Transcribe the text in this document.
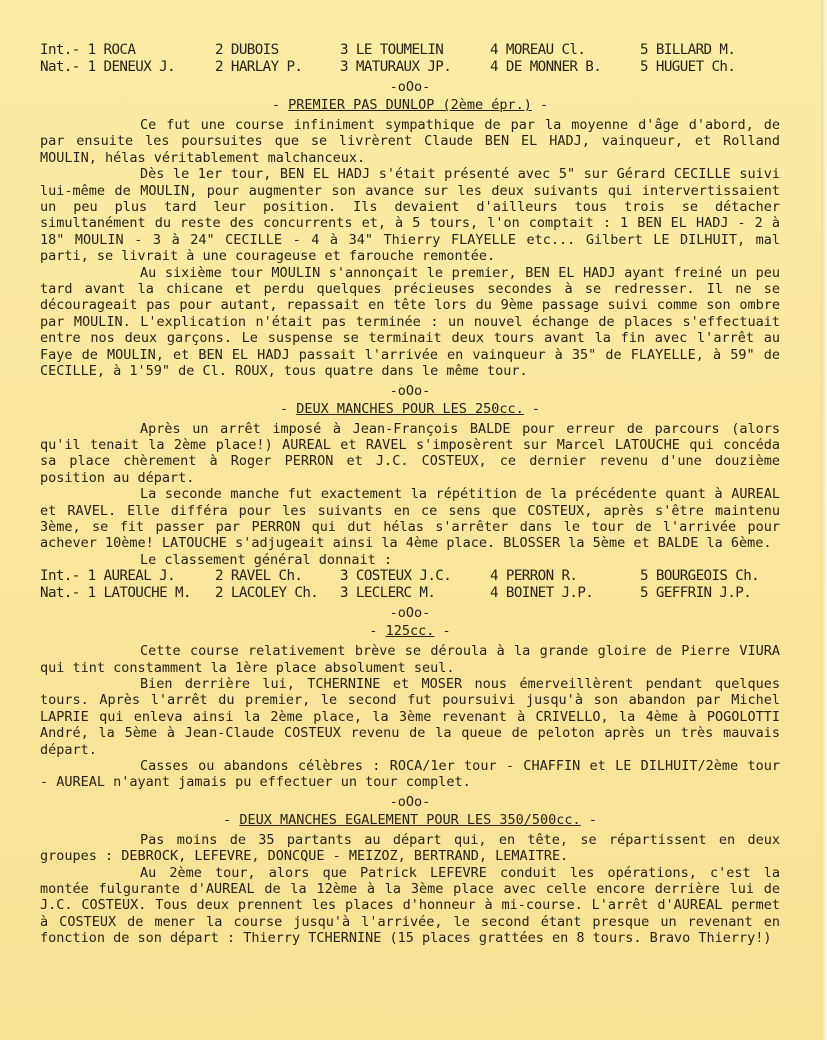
Int.- 1 ROCA	2 DUBOIS	3 LE TOUMELIN	4 MOREAU Cl.	5 BILLARD M.
Nat.- 1 DENEUX J.	2 HARLAY P.	3 MATURAUX JP.	4 DE MONNER B.	5 HUGUET Ch.
-oOo-
- PREMIER PAS DUNLOP (2ème épr.) -

Ce fut une course infiniment sympathique de par la moyenne d'âge d'abord, de par ensuite les poursuites que se livrèrent Claude BEN EL HADJ, vainqueur, et Rolland MOULIN, hélas véritablement malchanceux.

Dès le 1er tour, BEN EL HADJ s'était présenté avec 5" sur Gérard CECILLE suivi lui-même de MOULIN, pour augmenter son avance sur les deux suivants qui intervertissaient un peu plus tard leur position. Ils devaient d'ailleurs tous trois se détacher simultanément du reste des concurrents et, à 5 tours, l'on comptait : 1 BEN EL HADJ - 2 à 18" MOULIN - 3 à 24" CECILLE - 4 à 34" Thierry FLAYELLE etc... Gilbert LE DILHUIT, mal parti, se livrait à une courageuse et farouche remontée.

Au sixième tour MOULIN s'annonçait le premier, BEN EL HADJ ayant freiné un peu tard avant la chicane et perdu quelques précieuses secondes à se redresser. Il ne se décourageait pas pour autant, repassait en tête lors du 9ème passage suivi comme son ombre par MOULIN. L'explication n'était pas terminée : un nouvel échange de places s'effectuait entre nos deux garçons. Le suspense se terminait deux tours avant la fin avec l'arrêt au Faye de MOULIN, et BEN EL HADJ passait l'arrivée en vainqueur à 35" de FLAYELLE, à 59" de CECILLE, à 1'59" de Cl. ROUX, tous quatre dans le même tour.

-oOo-
- DEUX MANCHES POUR LES 250cc. -

Après un arrêt imposé à Jean-François BALDE pour erreur de parcours (alors qu'il tenait la 2ème place!) AUREAL et RAVEL s'imposèrent sur Marcel LATOUCHE qui concéda sa place chèrement à Roger PERRON et J.C. COSTEUX, ce dernier revenu d'une douzième position au départ.

La seconde manche fut exactement la répétition de la précédente quant à AUREAL et RAVEL. Elle différa pour les suivants en ce sens que COSTEUX, après s'être maintenu 3ème, se fit passer par PERRON qui dut hélas s'arrêter dans le tour de l'arrivée pour achever 10ème! LATOUCHE s'adjugeait ainsi la 4ème place. BLOSSER la 5ème et BALDE la 6ème.

Le classement général donnait :

Int.- 1 AUREAL J.	2 RAVEL Ch.	3 COSTEUX J.C.	4 PERRON R.	5 BOURGEOIS Ch.
Nat.- 1 LATOUCHE M.	2 LACOLEY Ch.	3 LECLERC M.	4 BOINET J.P.	5 GEFFRIN J.P.
-oOo-
- 125cc. -

Cette course relativement brève se déroula à la grande gloire de Pierre VIURA qui tint constamment la 1ère place absolument seul.

Bien derrière lui, TCHERNINE et MOSER nous émerveillèrent pendant quelques tours. Après l'arrêt du premier, le second fut poursuivi jusqu'à son abandon par Michel LAPRIE qui enleva ainsi la 2ème place, la 3ème revenant à CRIVELLO, la 4ème à POGOLOTTI André, la 5ème à Jean-Claude COSTEUX revenu de la queue de peloton après un très mauvais départ.

Casses ou abandons célèbres : ROCA/1er tour - CHAFFIN et LE DILHUIT/2ème tour - AUREAL n'ayant jamais pu effectuer un tour complet.

-oOo-
- DEUX MANCHES EGALEMENT POUR LES 350/500cc. -

Pas moins de 35 partants au départ qui, en tête, se répartissent en deux groupes : DEBROCK, LEFEVRE, DONCQUE - MEIZOZ, BERTRAND, LEMAITRE.

Au 2ème tour, alors que Patrick LEFEVRE conduit les opérations, c'est la montée fulgurante d'AUREAL de la 12ème à la 3ème place avec celle encore derrière lui de J.C. COSTEUX. Tous deux prennent les places d'honneur à mi-course. L'arrêt d'AUREAL permet à COSTEUX de mener la course jusqu'à l'arrivée, le second étant presque un revenant en fonction de son départ : Thierry TCHERNINE (15 places grattées en 8 tours. Bravo Thierry!)
